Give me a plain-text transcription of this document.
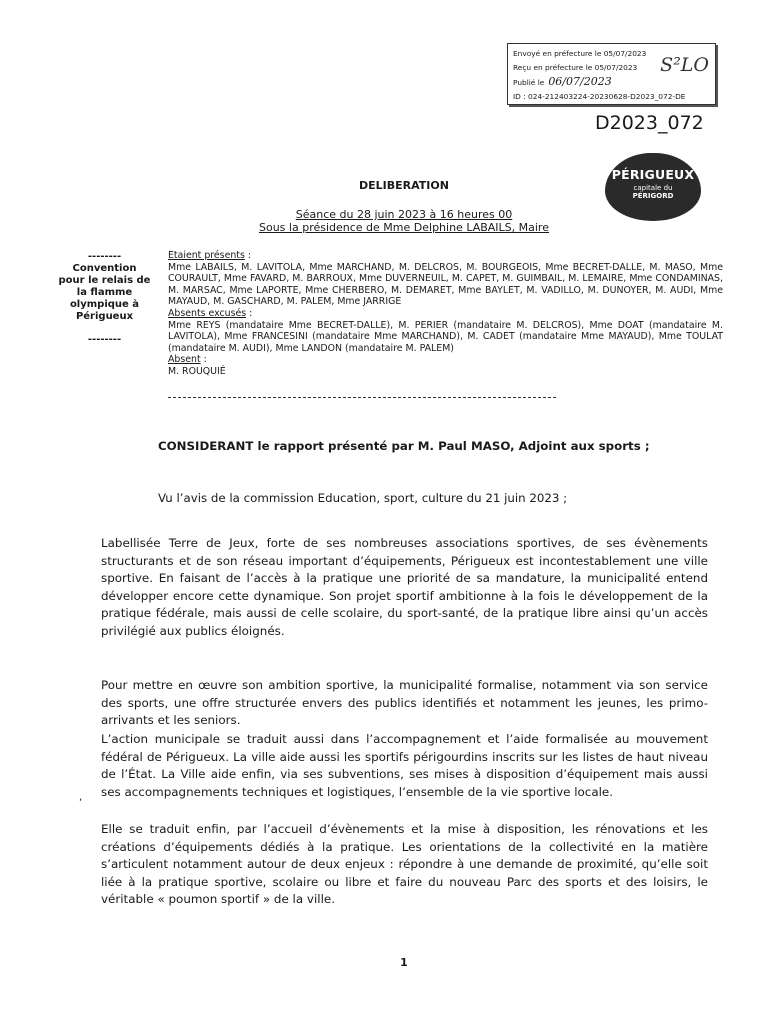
Envoyé en préfecture le 05/07/2023
Reçu en préfecture le 05/07/2023
Publié le 06/07/2023
ID : 024-212403224-20230628-D2023_072-DE
S²LO
D2023_072
PÉRIGUEUX
capitale du
PÉRIGORD
DELIBERATION
Séance du 28 juin 2023 à 16 heures 00
Sous la présidence de Mme Delphine LABAILS, Maire
--------
Convention pour le relais de la flamme olympique à Périgueux
--------
Etaient présents :
Mme LABAILS, M. LAVITOLA, Mme MARCHAND, M. DELCROS, M. BOURGEOIS, Mme BECRET-DALLE, M. MASO, Mme COURAULT, Mme FAVARD, M. BARROUX, Mme DUVERNEUIL, M. CAPET, M. GUIMBAIL, M. LEMAIRE, Mme CONDAMINAS, M. MARSAC, Mme LAPORTE, Mme CHERBERO, M. DEMARET, Mme BAYLET, M. VADILLO, M. DUNOYER, M. AUDI, Mme MAYAUD, M. GASCHARD, M. PALEM, Mme JARRIGE
Absents excusés :
Mme REYS (mandataire Mme BECRET-DALLE), M. PERIER (mandataire M. DELCROS), Mme DOAT (mandataire M. LAVITOLA), Mme FRANCESINI (mandataire Mme MARCHAND), M. CADET (mandataire Mme MAYAUD), Mme TOULAT (mandataire M. AUDI), Mme LANDON (mandataire M. PALEM)
Absent :
M. ROUQUIÉ
CONSIDERANT le rapport présenté par M. Paul MASO, Adjoint aux sports ;
Vu l’avis de la commission Education, sport, culture du 21 juin 2023 ;
Labellisée Terre de Jeux, forte de ses nombreuses associations sportives, de ses évènements structurants et de son réseau important d’équipements, Périgueux est incontestablement une ville sportive. En faisant de l’accès à la pratique une priorité de sa mandature, la municipalité entend développer encore cette dynamique. Son projet sportif ambitionne à la fois le développement de la pratique fédérale, mais aussi de celle scolaire, du sport-santé, de la pratique libre ainsi qu’un accès privilégié aux publics éloignés.
Pour mettre en œuvre son ambition sportive, la municipalité formalise, notamment via son service des sports, une offre structurée envers des publics identifiés et notamment les jeunes, les primo-arrivants et les seniors.
L’action municipale se traduit aussi dans l’accompagnement et l’aide formalisée au mouvement fédéral de Périgueux. La ville aide aussi les sportifs périgourdins inscrits sur les listes de haut niveau de l’État. La Ville aide enfin, via ses subventions, ses mises à disposition d’équipement mais aussi ses accompagnements techniques et logistiques, l’ensemble de la vie sportive locale.
Elle se traduit enfin, par l’accueil d’évènements et la mise à disposition, les rénovations et les créations d’équipements dédiés à la pratique. Les orientations de la collectivité en la matière s’articulent notamment autour de deux enjeux : répondre à une demande de proximité, qu’elle soit liée à la pratique sportive, scolaire ou libre et faire du nouveau Parc des sports et des loisirs, le véritable « poumon sportif » de la ville.
,
1
